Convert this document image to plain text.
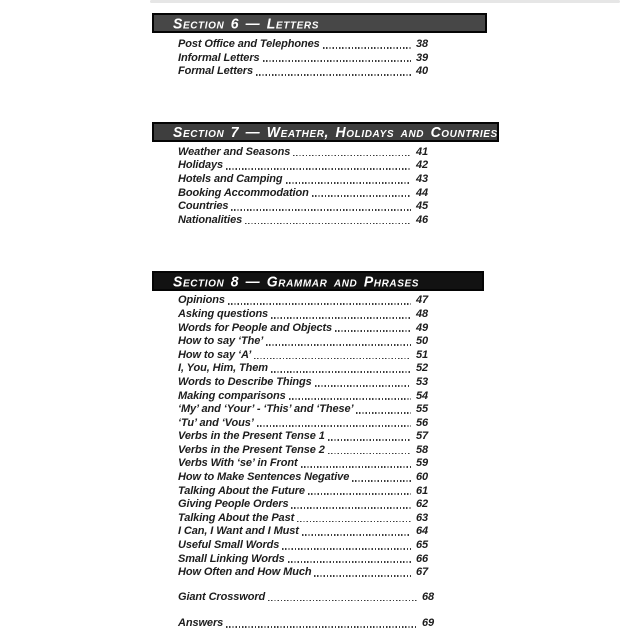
Section 6 — Letters
Post Office and Telephones	38
Informal Letters	39
Formal Letters	40
Section 7 — Weather, Holidays and Countries
Weather and Seasons	41
Holidays	42
Hotels and Camping	43
Booking Accommodation	44
Countries	45
Nationalities	46
Section 8 — Grammar and Phrases
Opinions	47
Asking questions	48
Words for People and Objects	49
How to say ‘The’	50
How to say ‘A’	51
I, You, Him, Them	52
Words to Describe Things	53
Making comparisons	54
‘My’ and ‘Your’ - ‘This’ and ‘These’	55
‘Tu’ and ‘Vous’	56
Verbs in the Present Tense 1	57
Verbs in the Present Tense 2	58
Verbs With ‘se’ in Front	59
How to Make Sentences Negative	60
Talking About the Future	61
Giving People Orders	62
Talking About the Past	63
I Can, I Want and I Must	64
Useful Small Words	65
Small Linking Words	66
How Often and How Much	67
Giant Crossword	68
Answers	69
